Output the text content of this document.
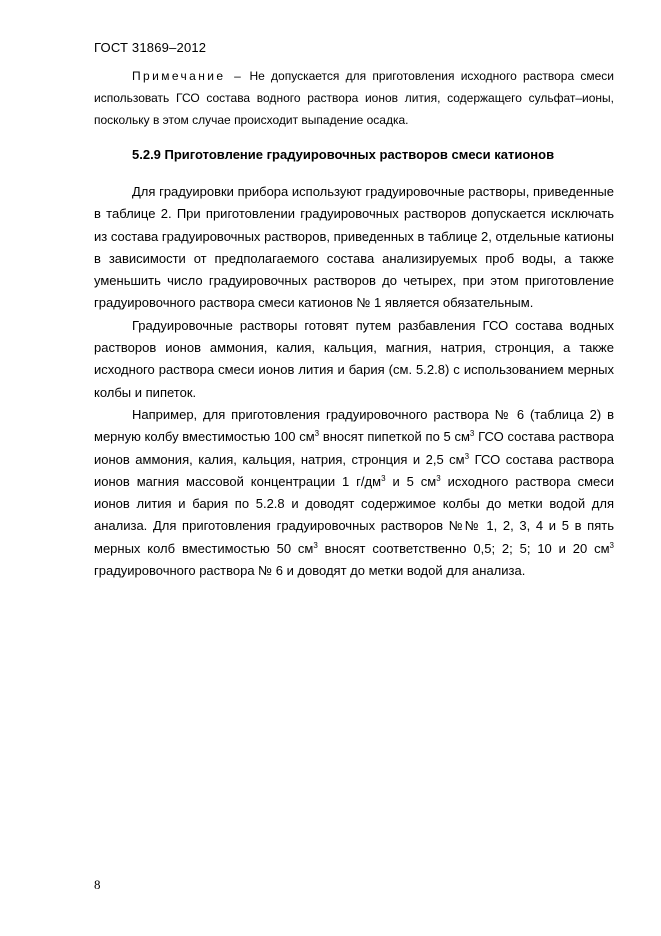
ГОСТ 31869–2012
Примечание – Не допускается для приготовления исходного раствора смеси использовать ГСО состава водного раствора ионов лития, содержащего сульфат–ионы, поскольку в этом случае происходит выпадение осадка.
5.2.9 Приготовление градуировочных растворов смеси катионов

Для градуировки прибора используют градуировочные растворы, приведенные в таблице 2. При приготовлении градуировочных растворов допускается исключать из состава градуировочных растворов, приведенных в таблице 2, отдельные катионы в зависимости от предполагаемого состава анализируемых проб воды, а также уменьшить число градуировочных растворов до четырех, при этом приготовление градуировочного раствора смеси катионов № 1 является обязательным.

Градуировочные растворы готовят путем разбавления ГСО состава водных растворов ионов аммония, калия, кальция, магния, натрия, стронция, а также исходного раствора смеси ионов лития и бария (см. 5.2.8) с использованием мерных колбы и пипеток.

Например, для приготовления градуировочного раствора № 6 (таблица 2) в мерную колбу вместимостью 100 $см^3$ вносят пипеткой по 5 $см^3$ ГСО состава раствора ионов аммония, калия, кальция, натрия, стронция и 2,5 $см^3$ ГСО состава раствора ионов магния массовой концентрации 1 $г/дм^3$ и 5 $см^3$ исходного раствора смеси ионов лития и бария по 5.2.8 и доводят содержимое колбы до метки водой для анализа. Для приготовления градуировочных растворов №№ 1, 2, 3, 4 и 5 в пять мерных колб вместимостью 50 $см^3$ вносят соответственно 0,5; 2; 5; 10 и 20 $см^3$ градуировочного раствора № 6 и доводят до метки водой для анализа.

8
